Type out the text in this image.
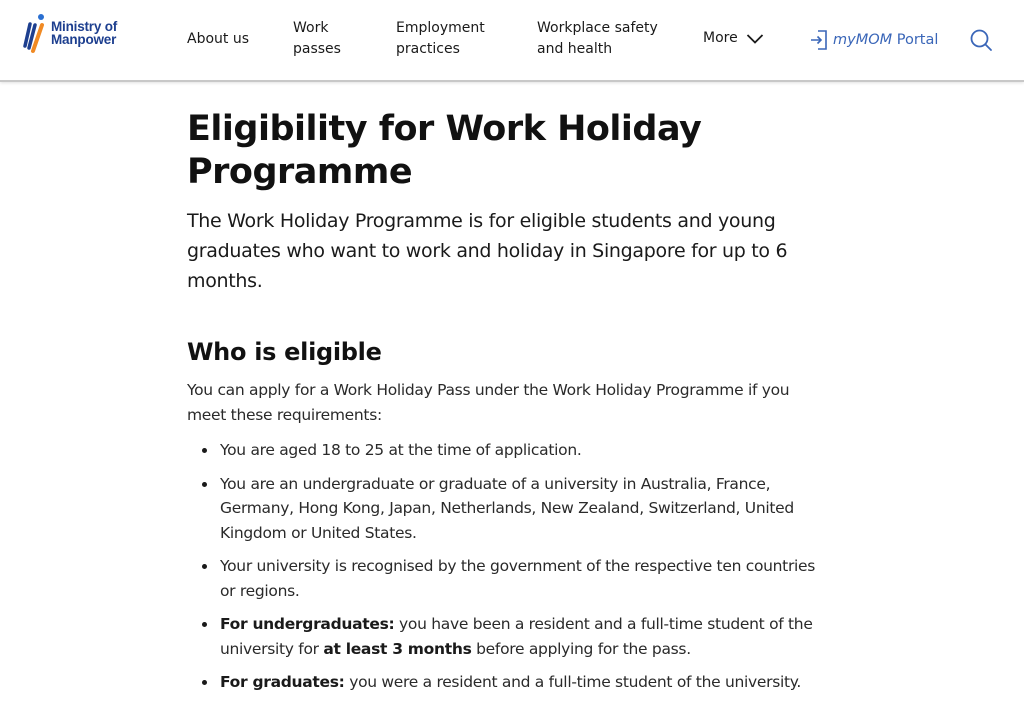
Ministry of
Manpower	About us
Work
passes
Employment
practices
Workplace safety
and health
More	myMOM Portal
Eligibility for Work Holiday
Programme

The Work Holiday Programme is for eligible students and young graduates who want to work and holiday in Singapore for up to 6 months.

Who is eligible

You can apply for a Work Holiday Pass under the Work Holiday Programme if you meet these requirements:

You are aged 18 to 25 at the time of application.
You are an undergraduate or graduate of a university in Australia, France, Germany, Hong Kong, Japan, Netherlands, New Zealand, Switzerland, United Kingdom or United States.
Your university is recognised by the government of the respective ten countries or regions.
For undergraduates: you have been a resident and a full-time student of the university for at least 3 months before applying for the pass.
For graduates: you were a resident and a full-time student of the university.
